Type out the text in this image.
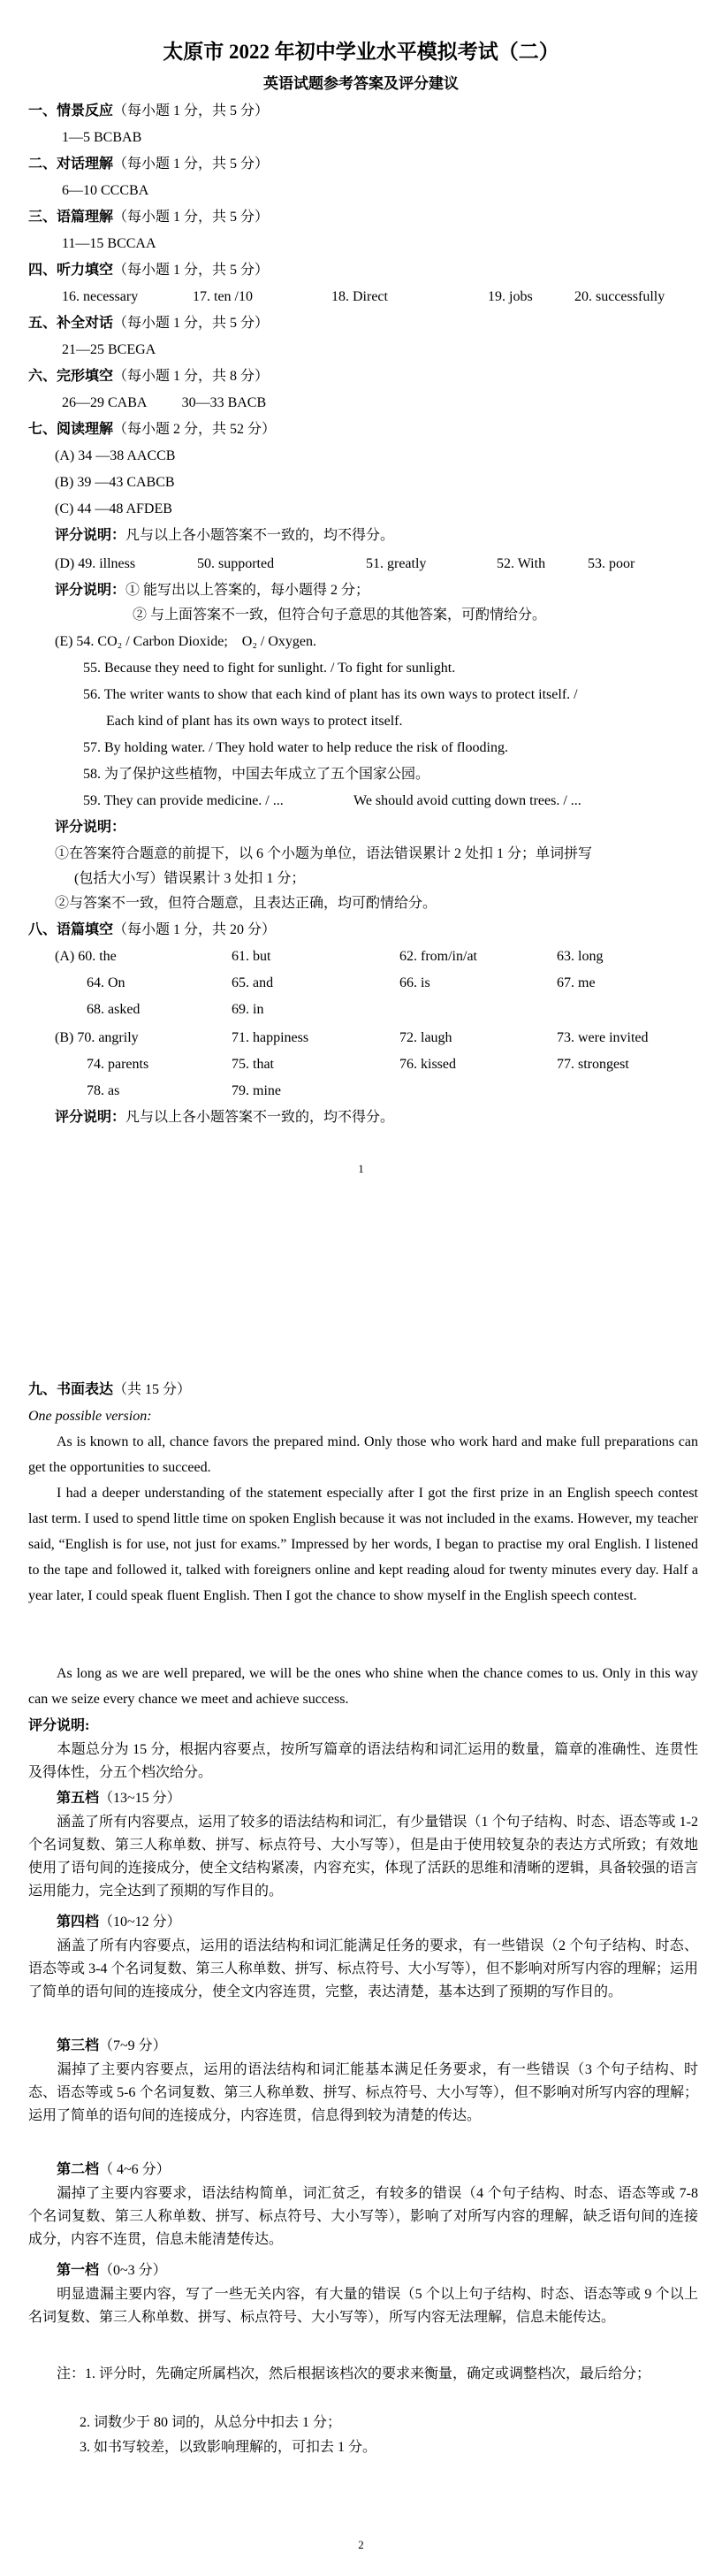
太原市 2022 年初中学业水平模拟考试（二）
英语试题参考答案及评分建议
一、情景反应（每小题 1 分，共 5 分）
1—5 BCBAB
二、对话理解（每小题 1 分，共 5 分）
6—10 CCCBA
三、语篇理解（每小题 1 分，共 5 分）
11—15 BCCAA
四、听力填空（每小题 1 分，共 5 分）
16. necessary	17. ten /10	18. Direct	19. jobs	20. successfully
五、补全对话（每小题 1 分，共 5 分）
21—25 BCEGA
六、完形填空（每小题 1 分，共 8 分）
26—29 CABA          30—33 BACB
七、阅读理解（每小题 2 分，共 52 分）
(A) 34 —38 AACCB
(B) 39 —43 CABCB
(C) 44 —48 AFDEB
评分说明：凡与以上各小题答案不一致的，均不得分。
(D) 49. illness	50. supported	51. greatly	52. With	53. poor
评分说明：① 能写出以上答案的，每小题得 2 分；
② 与上面答案不一致，但符合句子意思的其他答案，可酌情给分。
(E) 54. CO₂ / Carbon Dioxide;    O₂ / Oxygen.
55. Because they need to fight for sunlight. / To fight for sunlight.
56. The writer wants to show that each kind of plant has its own ways to protect itself. /
Each kind of plant has its own ways to protect itself.
57. By holding water. / They hold water to help reduce the risk of flooding.
58. 为了保护这些植物，中国去年成立了五个国家公园。
59. They can provide medicine. / ...	We should avoid cutting down trees. / ...
评分说明：
①在答案符合题意的前提下，以 6 个小题为单位，语法错误累计 2 处扣 1 分；单词拼写
(包括大小写）错误累计 3 处扣 1 分；
②与答案不一致，但符合题意，且表达正确，均可酌情给分。
八、语篇填空（每小题 1 分，共 20 分）
(A) 60. the	61. but	62. from/in/at	63. long
64. On	65. and	66. is	67. me
68. asked	69. in
(B) 70. angrily	71. happiness	72. laugh	73. were invited
74. parents	75. that	76. kissed	77. strongest
78. as	79. mine
评分说明：凡与以上各小题答案不一致的，均不得分。
1
九、书面表达（共 15 分）
One possible version:
As is known to all, chance favors the prepared mind. Only those who work hard and make full preparations can get the opportunities to succeed.
I had a deeper understanding of the statement especially after I got the first prize in an English speech contest last term. I used to spend little time on spoken English because it was not included in the exams. However, my teacher said, “English is for use, not just for exams.” Impressed by her words, I began to practise my oral English. I listened to the tape and followed it, talked with foreigners online and kept reading aloud for twenty minutes every day. Half a year later, I could speak fluent English. Then I got the chance to show myself in the English speech contest.
As long as we are well prepared, we will be the ones who shine when the chance comes to us. Only in this way can we seize every chance we meet and achieve success.
评分说明:
本题总分为 15 分，根据内容要点，按所写篇章的语法结构和词汇运用的数量，篇章的准确性、连贯性及得体性，分五个档次给分。
第五档（13~15 分）
涵盖了所有内容要点，运用了较多的语法结构和词汇，有少量错误（1 个句子结构、时态、语态等或 1-2 个名词复数、第三人称单数、拼写、标点符号、大小写等），但是由于使用较复杂的表达方式所致；有效地使用了语句间的连接成分，使全文结构紧凑，内容充实，体现了活跃的思维和清晰的逻辑，具备较强的语言运用能力，完全达到了预期的写作目的。
第四档（10~12 分）
涵盖了所有内容要点，运用的语法结构和词汇能满足任务的要求，有一些错误（2 个句子结构、时态、语态等或 3-4 个名词复数、第三人称单数、拼写、标点符号、大小写等），但不影响对所写内容的理解；运用了简单的语句间的连接成分，使全文内容连贯，完整，表达清楚，基本达到了预期的写作目的。
第三档（7~9 分）
漏掉了主要内容要点，运用的语法结构和词汇能基本满足任务要求，有一些错误（3 个句子结构、时态、语态等或 5-6 个名词复数、第三人称单数、拼写、标点符号、大小写等），但不影响对所写内容的理解；运用了简单的语句间的连接成分，内容连贯，信息得到较为清楚的传达。
第二档（ 4~6 分）
漏掉了主要内容要求，语法结构简单，词汇贫乏，有较多的错误（4 个句子结构、时态、语态等或 7-8 个名词复数、第三人称单数、拼写、标点符号、大小写等），影响了对所写内容的理解，缺乏语句间的连接成分，内容不连贯，信息未能清楚传达。
第一档（0~3 分）
明显遗漏主要内容，写了一些无关内容，有大量的错误（5 个以上句子结构、时态、语态等或 9 个以上名词复数、第三人称单数、拼写、标点符号、大小写等），所写内容无法理解，信息未能传达。
注：1. 评分时，先确定所属档次，然后根据该档次的要求来衡量，确定或调整档次，最后给分；
2. 词数少于 80 词的，从总分中扣去 1 分；
3. 如书写较差，以致影响理解的，可扣去 1 分。
2
